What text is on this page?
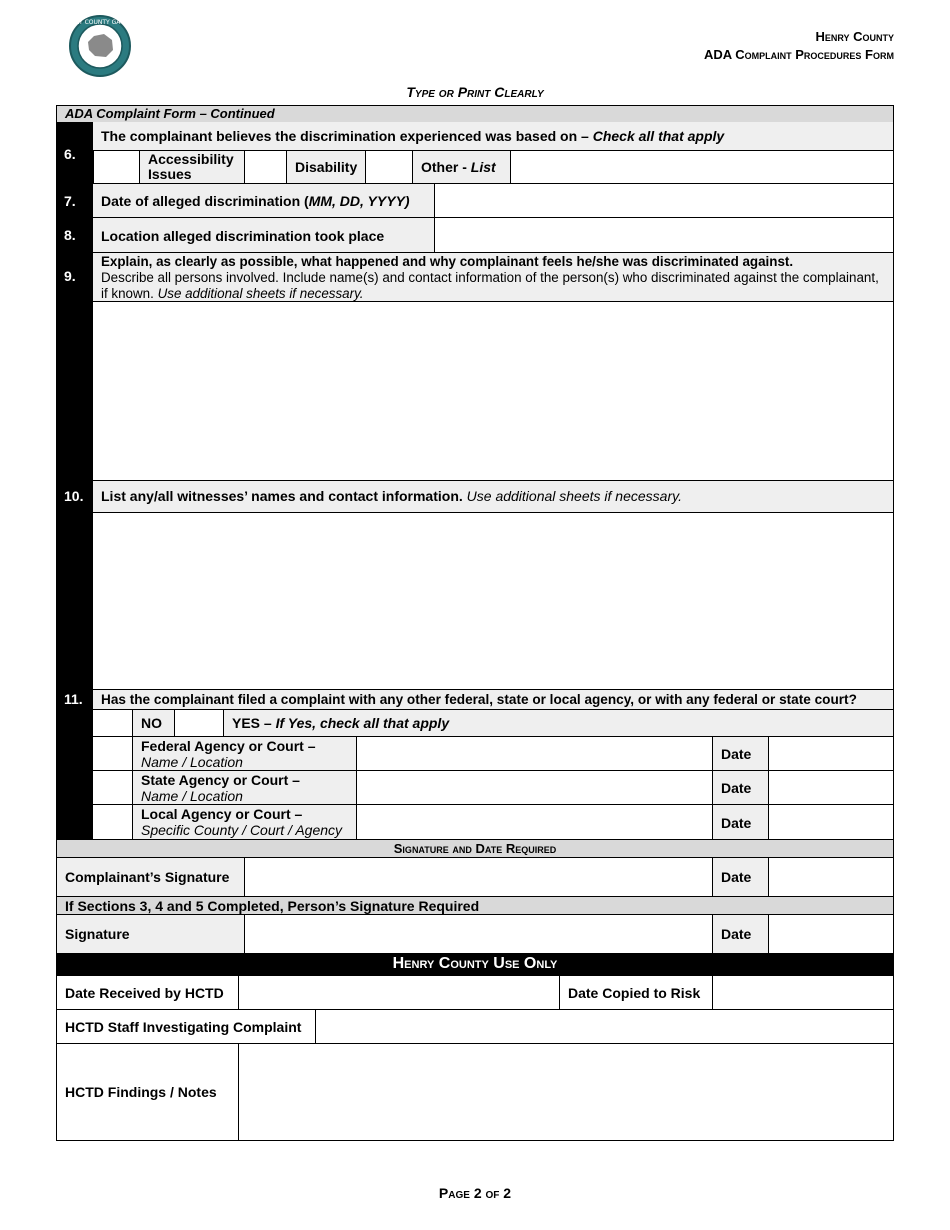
HENRY COUNTY GA 1821
Henry County
ADA Complaint Procedures Form
Type or Print Clearly
ADA Complaint Form – Continued
6.
The complainant believes the discrimination experienced was based on – Check all that apply
Accessibility Issues	Disability	Other - List
7. Date of alleged discrimination (MM, DD, YYYY)
8. Location alleged discrimination took place
9.
Explain, as clearly as possible, what happened and why complainant feels he/she was discriminated against.
Describe all persons involved. Include name(s) and contact information of the person(s) who discriminated against the complainant, if known. Use additional sheets if necessary.
10. List any/all witnesses’ names and contact information. Use additional sheets if necessary.
11. Has the complainant filed a complaint with any other federal, state or local agency, or with any federal or state court?
NO	YES – If Yes, check all that apply
Federal Agency or Court –
Name / Location	Date
State Agency or Court –
Name / Location	Date
Local Agency or Court –
Specific County / Court / Agency	Date
Signature and Date Required
Complainant’s Signature	Date
If Sections 3, 4 and 5 Completed, Person’s Signature Required
Signature	Date
Henry County Use Only
Date Received by HCTD	Date Copied to Risk
HCTD Staff Investigating Complaint
HCTD Findings / Notes
Page 2 of 2
